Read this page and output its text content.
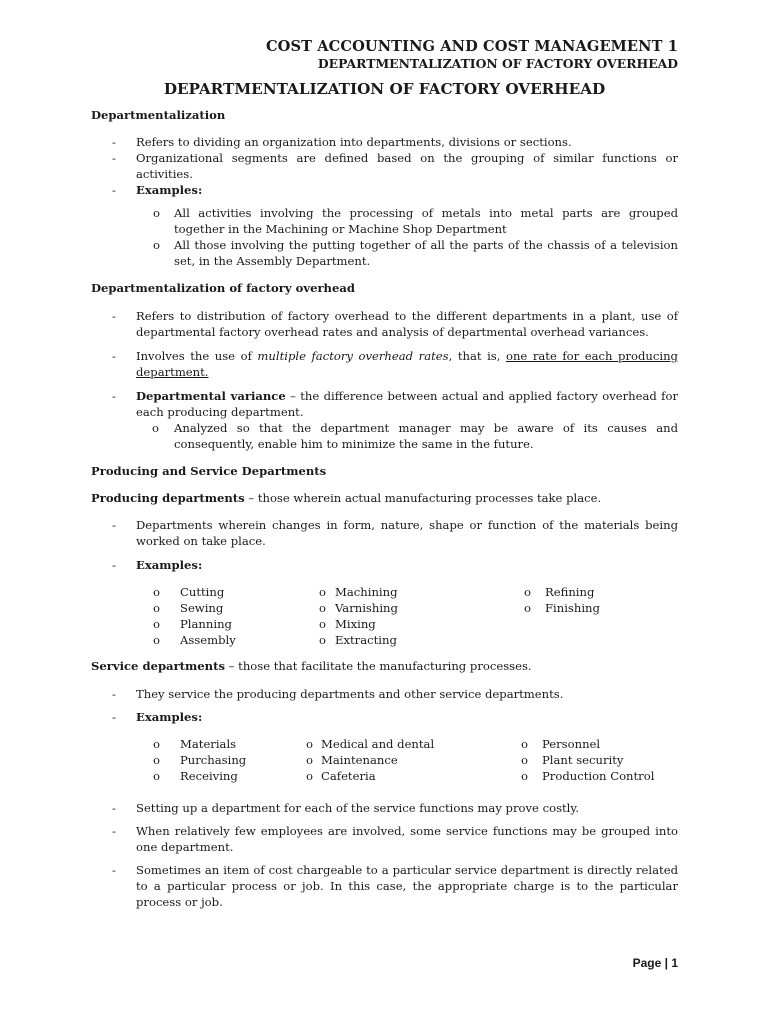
COST ACCOUNTING AND COST MANAGEMENT 1
DEPARTMENTALIZATION OF FACTORY OVERHEAD
DEPARTMENTALIZATION OF FACTORY OVERHEAD

Departmentalization

- Refers to dividing an organization into departments, divisions or sections.
- Organizational segments are defined based on the grouping of similar functions or activities.
- Examples:
o All activities involving the processing of metals into metal parts are grouped together in the Machining or Machine Shop Department
o All those involving the putting together of all the parts of the chassis of a television set, in the Assembly Department.

Departmentalization of factory overhead

- Refers to distribution of factory overhead to the different departments in a plant, use of departmental factory overhead rates and analysis of departmental overhead variances.
- Involves the use of multiple factory overhead rates, that is, one rate for each producing department.
- Departmental variance – the difference between actual and applied factory overhead for each producing department.
o Analyzed so that the department manager may be aware of its causes and consequently, enable him to minimize the same in the future.

Producing and Service Departments

Producing departments – those wherein actual manufacturing processes take place.

- Departments wherein changes in form, nature, shape or function of the materials being worked on take place.
- Examples:
o Cutting
o Sewing
o Planning
o Assembly
o Machining
o Varnishing
o Mixing
o Extracting
o Refining
o Finishing

Service departments – those that facilitate the manufacturing processes.

- They service the producing departments and other service departments.
- Examples:
o Materials
o Purchasing
o Receiving
o Medical and dental
o Maintenance
o Cafeteria
o Personnel
o Plant security
o Production Control
- Setting up a department for each of the service functions may prove costly.
- When relatively few employees are involved, some service functions may be grouped into one department.
- Sometimes an item of cost chargeable to a particular service department is directly related to a particular process or job. In this case, the appropriate charge is to the particular process or job.
Page | 1
